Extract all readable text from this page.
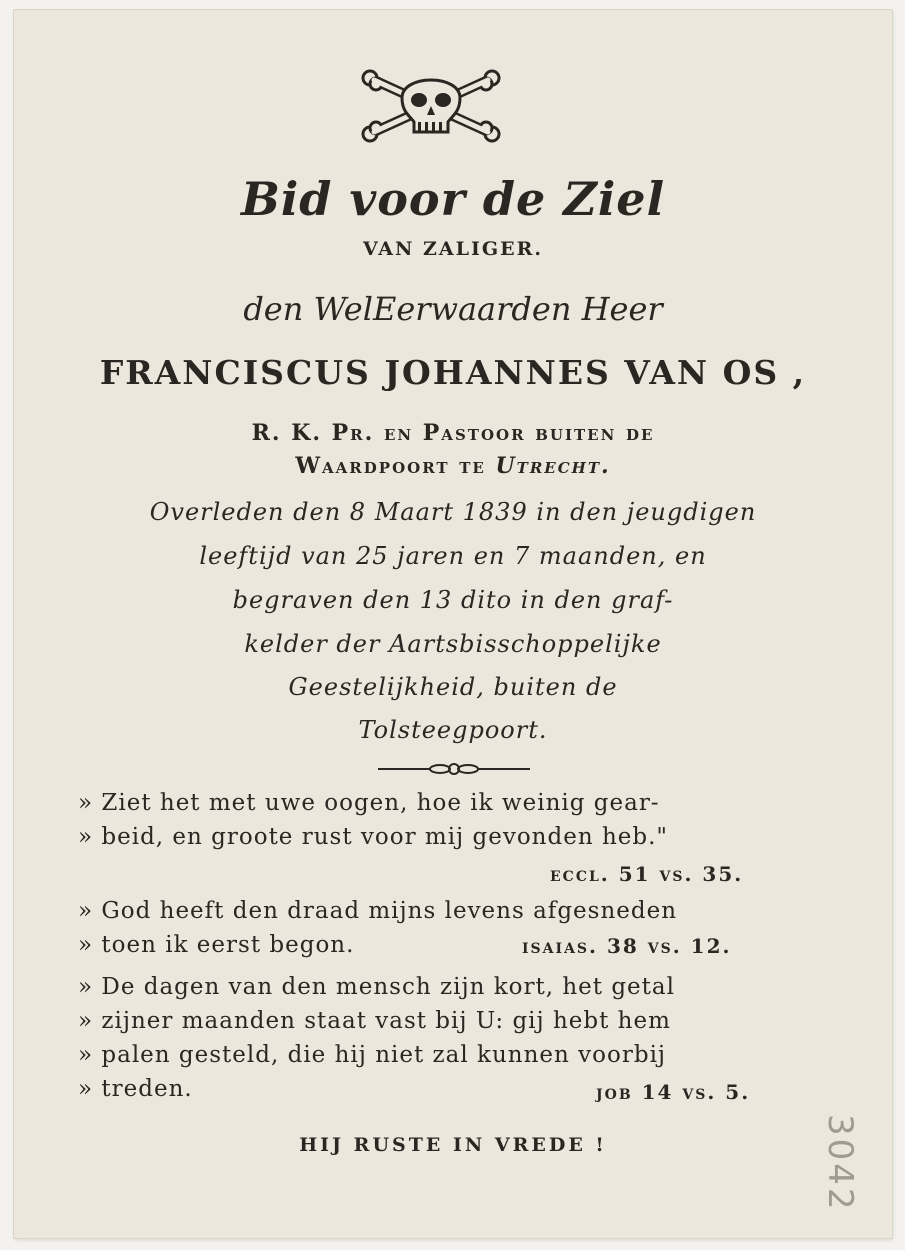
Bid voor de Ziel
VAN ZALIGER.
den WelEerwaarden Heer
FRANCISCUS JOHANNES VAN OS ,
R. K. Pr. en Pastoor buiten de
Waardpoort te Utrecht.
Overleden den 8 Maart 1839 in den jeugdigen
leeftijd van 25 jaren en 7 maanden, en
begraven den 13 dito in den graf-
kelder der Aartsbisschoppelijke
Geestelijkheid, buiten de
Tolsteegpoort.
» Ziet het met uwe oogen, hoe ik weinig gear-
» beid, en groote rust voor mij gevonden heb."
eccl. 51 vs. 35.
» God heeft den draad mijns levens afgesneden
» toen ik eerst begon.	isaias. 38 vs. 12.
» De dagen van den mensch zijn kort, het getal
» zijner maanden staat vast bij U: gij hebt hem
» palen gesteld, die hij niet zal kunnen voorbij
» treden.	job 14 vs. 5.
HIJ RUSTE IN VREDE !	3042
